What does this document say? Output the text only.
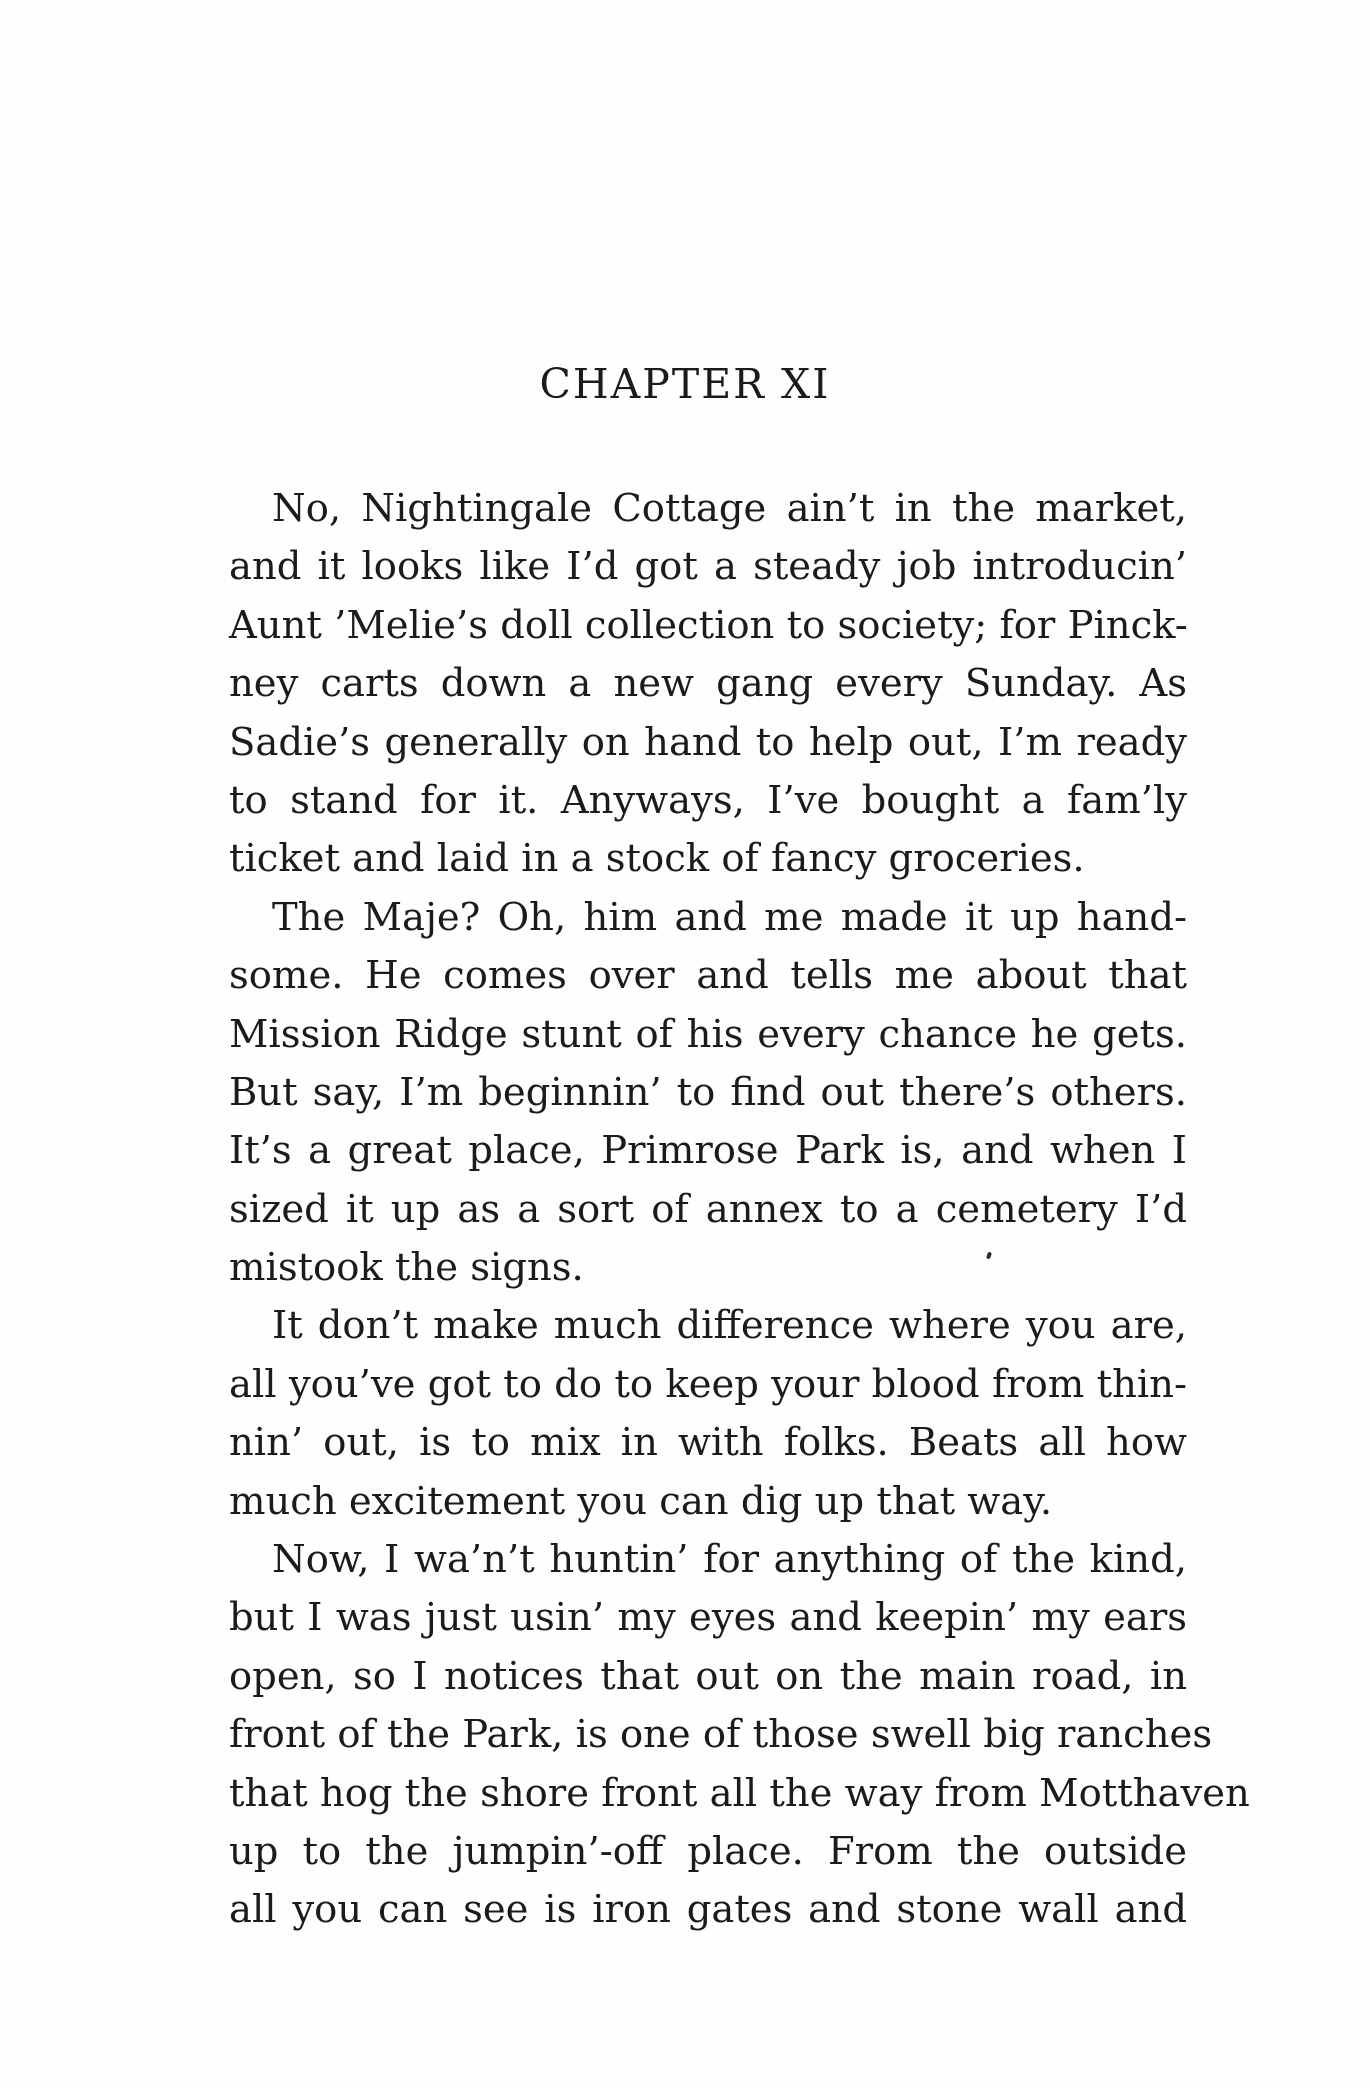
CHAPTER XI

No, Nightingale Cottage ain’t in the market,
and it looks like I’d got a steady job introducin’
Aunt ’Melie’s doll collection to society; for Pinck-
ney carts down a new gang every Sunday. As
Sadie’s generally on hand to help out, I’m ready
to stand for it. Anyways, I’ve bought a fam’ly
ticket and laid in a stock of fancy groceries.

The Maje? Oh, him and me made it up hand-
some. He comes over and tells me about that
Mission Ridge stunt of his every chance he gets.
But say, I’m beginnin’ to find out there’s others.
It’s a great place, Primrose Park is, and when I
sized it up as a sort of annex to a cemetery I’d
mistook the signs.

It don’t make much difference where you are,
all you’ve got to do to keep your blood from thin-
nin’ out, is to mix in with folks. Beats all how
much excitement you can dig up that way.

Now, I wa’n’t huntin’ for anything of the kind,
but I was just usin’ my eyes and keepin’ my ears
open, so I notices that out on the main road, in
front of the Park, is one of those swell big ranches
that hog the shore front all the way from Motthaven
up to the jumpin’-off place. From the outside
all you can see is iron gates and stone wall and
